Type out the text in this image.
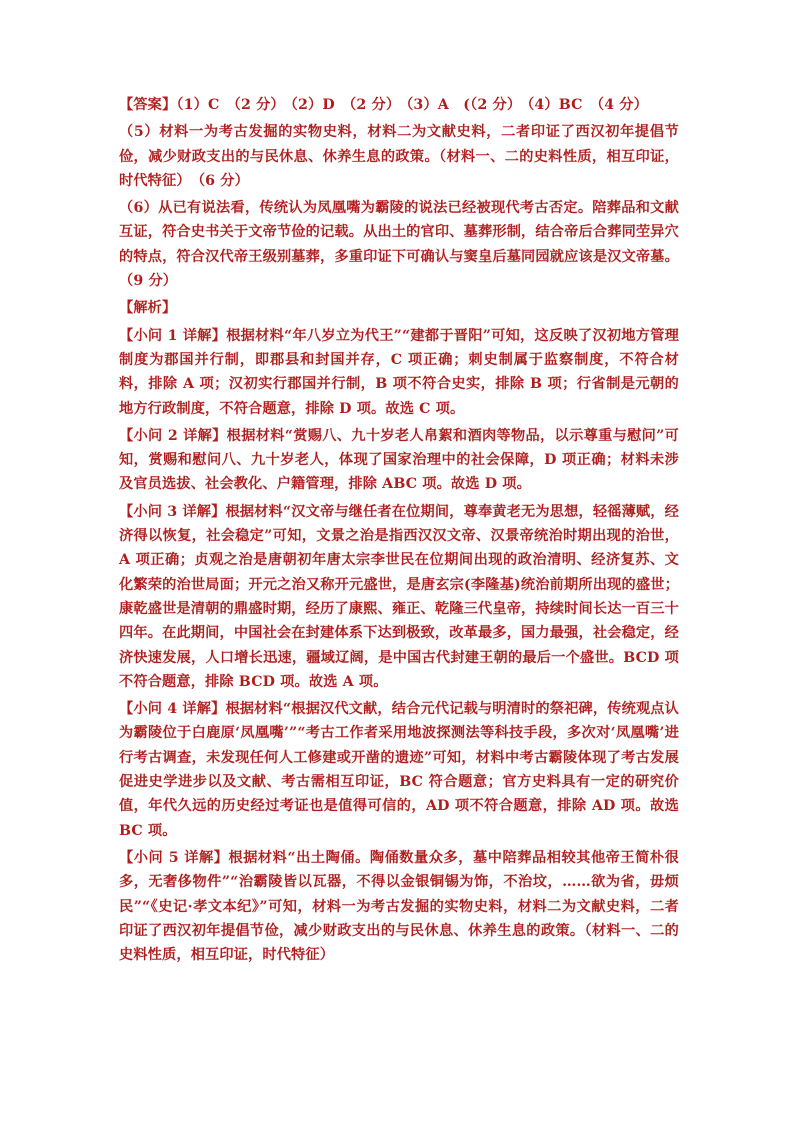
【答案】（1）C　（2 分） （2）D　（2 分） （3）A　(（2 分） （4）BC　（4 分）

（5）材料一为考古发掘的实物史料，材料二为文献史料，二者印证了西汉初年提倡节俭，减少财政支出的与民休息、休养生息的政策。（材料一、二的史料性质，相互印证，时代特征）　（6 分）

（6）从已有说法看，传统认为凤凰嘴为霸陵的说法已经被现代考古否定。陪葬品和文献互证，符合史书关于文帝节俭的记载。从出土的官印、墓葬形制，结合帝后合葬同茔异穴的特点，符合汉代帝王级别墓葬，多重印证下可确认与窦皇后墓同园就应该是汉文帝墓。（9 分）

【解析】

【小问 1 详解】根据材料“年八岁立为代王”“建都于晋阳”可知，这反映了汉初地方管理制度为郡国并行制，即郡县和封国并存，C 项正确；刺史制属于监察制度，不符合材料，排除 A 项；汉初实行郡国并行制，B 项不符合史实，排除 B 项；行省制是元朝的地方行政制度，不符合题意，排除 D 项。故选 C 项。

【小问 2 详解】根据材料“赏赐八、九十岁老人帛絮和酒肉等物品，以示尊重与慰问”可知，赏赐和慰问八、九十岁老人，体现了国家治理中的社会保障，D 项正确；材料未涉及官员选拔、社会教化、户籍管理，排除 ABC 项。故选 D 项。

【小问 3 详解】根据材料“汉文帝与继任者在位期间，尊奉黄老无为思想，轻徭薄赋，经济得以恢复，社会稳定”可知，文景之治是指西汉汉文帝、汉景帝统治时期出现的治世，A 项正确；贞观之治是唐朝初年唐太宗李世民在位期间出现的政治清明、经济复苏、文化繁荣的治世局面；开元之治又称开元盛世，是唐玄宗(李隆基)统治前期所出现的盛世；康乾盛世是清朝的鼎盛时期，经历了康熙、雍正、乾隆三代皇帝，持续时间长达一百三十四年。在此期间，中国社会在封建体系下达到极致，改革最多，国力最强，社会稳定，经济快速发展，人口增长迅速，疆域辽阔，是中国古代封建王朝的最后一个盛世。BCD 项不符合题意，排除 BCD 项。故选 A 项。

【小问 4 详解】根据材料“根据汉代文献，结合元代记载与明清时的祭祀碑，传统观点认为霸陵位于白鹿原‘凤凰嘴’”“考古工作者采用地波探测法等科技手段，多次对‘凤凰嘴’进行考古调查，未发现任何人工修建或开凿的遗迹”可知，材料中考古霸陵体现了考古发展促进史学进步以及文献、考古需相互印证，BC 符合题意；官方史料具有一定的研究价值，年代久远的历史经过考证也是值得可信的，AD 项不符合题意，排除 AD 项。故选 BC 项。

【小问 5 详解】根据材料“出土陶俑。陶俑数量众多，墓中陪葬品相较其他帝王简朴很多，无奢侈物件”“治霸陵皆以瓦器，不得以金银铜锡为饰，不治坟，……欲为省，毋烦民”“《史记·孝文本纪》”可知，材料一为考古发掘的实物史料，材料二为文献史料，二者印证了西汉初年提倡节俭，减少财政支出的与民休息、休养生息的政策。（材料一、二的史料性质，相互印证，时代特征）
